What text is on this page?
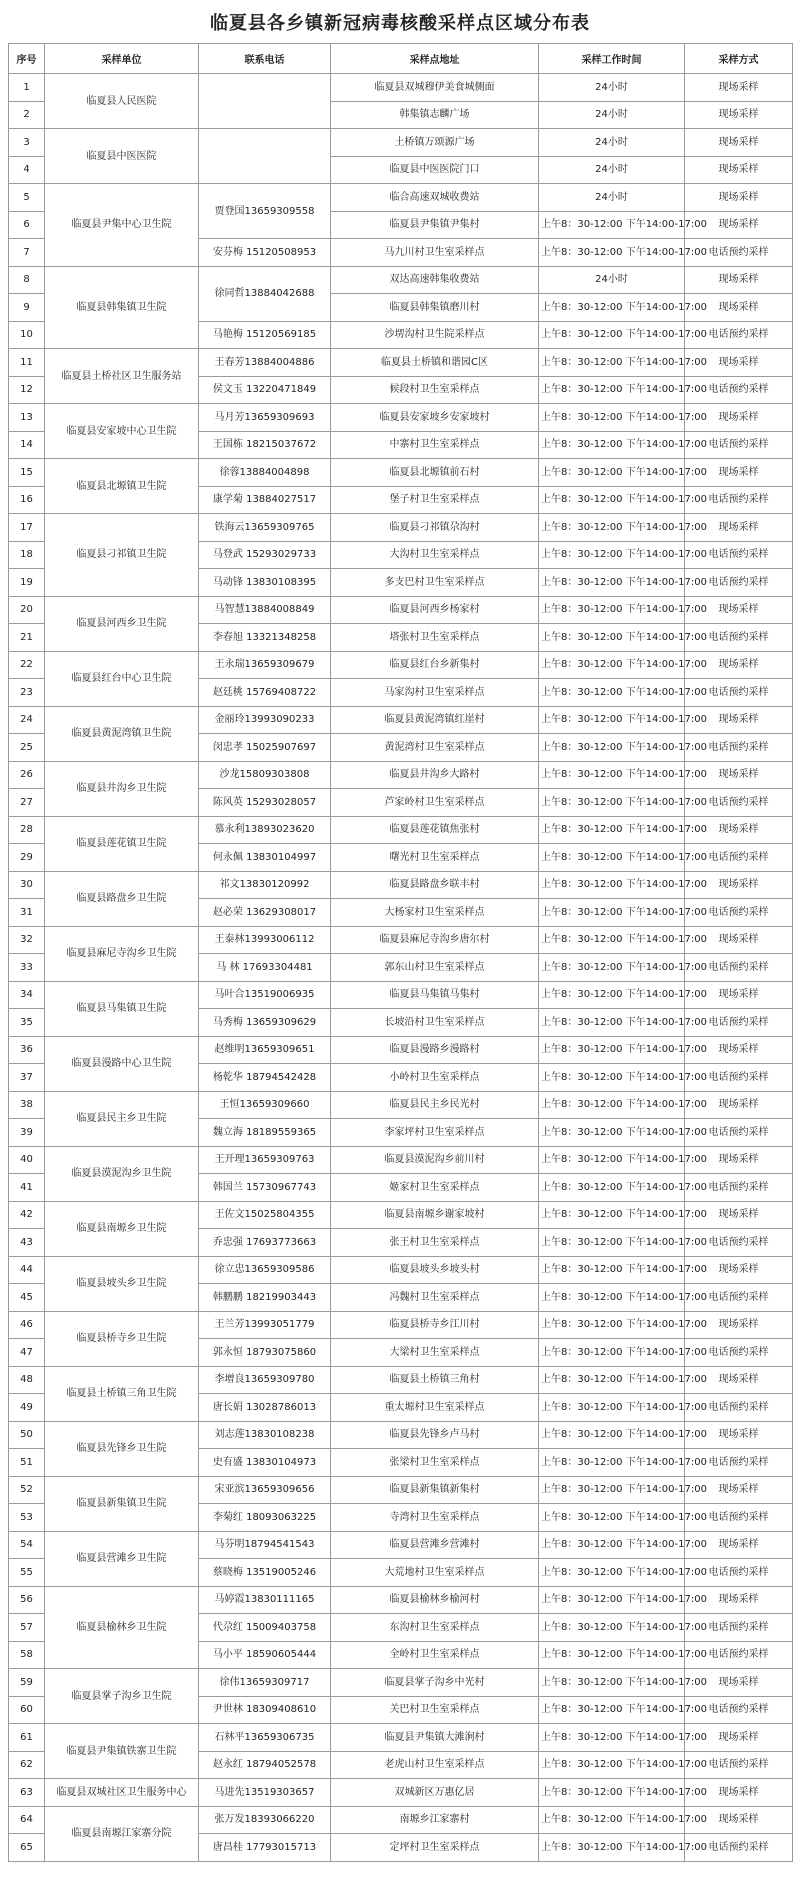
临夏县各乡镇新冠病毒核酸采样点区域分布表
序号	采样单位	联系电话	采样点地址	采样工作时间	采样方式
1	临夏县人民医院		临夏县双城穆伊美食城侧面	24小时	现场采样
2			韩集镇志麟广场	24小时	现场采样
3	临夏县中医医院		土桥镇万颂源广场	24小时	现场采样
4			临夏县中医医院门口	24小时	现场采样
5	临夏县尹集中心卫生院	贾登国13659309558	临合高速双城收费站	24小时	现场采样
6			临夏县尹集镇尹集村	上午8：30-12:00 下午14:00-17:00	现场采样
7		安芬梅 15120508953	马九川村卫生室采样点	上午8：30-12:00 下午14:00-17:00	电话预约采样
8	临夏县韩集镇卫生院	徐同哲13884042688	双达高速韩集收费站	24小时	现场采样
9			临夏县韩集镇磨川村	上午8：30-12:00 下午14:00-17:00	现场采样
10		马艳梅 15120569185	沙塄沟村卫生院采样点	上午8：30-12:00 下午14:00-17:00	电话预约采样
11	临夏县土桥社区卫生服务站	王春芳13884004886	临夏县土桥镇和谐园C区	上午8：30-12:00 下午14:00-17:00	现场采样
12		侯文玉 13220471849	候段村卫生室采样点	上午8：30-12:00 下午14:00-17:00	电话预约采样
13	临夏县安家坡中心卫生院	马月芳13659309693	临夏县安家坡乡安家坡村	上午8：30-12:00 下午14:00-17:00	现场采样
14		王国栋 18215037672	中寨村卫生室采样点	上午8：30-12:00 下午14:00-17:00	电话预约采样
15	临夏县北塬镇卫生院	徐蓉13884004898	临夏县北塬镇前石村	上午8：30-12:00 下午14:00-17:00	现场采样
16		康学菊 13884027517	堡子村卫生室采样点	上午8：30-12:00 下午14:00-17:00	电话预约采样
17	临夏县刁祁镇卫生院	铁海云13659309765	临夏县刁祁镇尕沟村	上午8：30-12:00 下午14:00-17:00	现场采样
18		马登武 15293029733	大沟村卫生室采样点	上午8：30-12:00 下午14:00-17:00	电话预约采样
19		马动锋 13830108395	多支巴村卫生室采样点	上午8：30-12:00 下午14:00-17:00	电话预约采样
20	临夏县河西乡卫生院	马智慧13884008849	临夏县河西乡杨家村	上午8：30-12:00 下午14:00-17:00	现场采样
21		李春旭 13321348258	塔张村卫生室采样点	上午8：30-12:00 下午14:00-17:00	电话预约采样
22	临夏县红台中心卫生院	王永瑞13659309679	临夏县红台乡新集村	上午8：30-12:00 下午14:00-17:00	现场采样
23		赵廷桃 15769408722	马家沟村卫生室采样点	上午8：30-12:00 下午14:00-17:00	电话预约采样
24	临夏县黄泥湾镇卫生院	金丽玲13993090233	临夏县黄泥湾镇红崖村	上午8：30-12:00 下午14:00-17:00	现场采样
25		闵忠孝 15025907697	黄泥湾村卫生室采样点	上午8：30-12:00 下午14:00-17:00	电话预约采样
26	临夏县井沟乡卫生院	沙龙15809303808	临夏县井沟乡大路村	上午8：30-12:00 下午14:00-17:00	现场采样
27		陈风英 15293028057	芦家岭村卫生室采样点	上午8：30-12:00 下午14:00-17:00	电话预约采样
28	临夏县莲花镇卫生院	慕永利13893023620	临夏县莲花镇焦张村	上午8：30-12:00 下午14:00-17:00	现场采样
29		何永佩 13830104997	曙光村卫生室采样点	上午8：30-12:00 下午14:00-17:00	电话预约采样
30	临夏县路盘乡卫生院	祁文13830120992	临夏县路盘乡联丰村	上午8：30-12:00 下午14:00-17:00	现场采样
31		赵必荣 13629308017	大杨家村卫生室采样点	上午8：30-12:00 下午14:00-17:00	电话预约采样
32	临夏县麻尼寺沟乡卫生院	王泰林13993006112	临夏县麻尼寺沟乡唐尔村	上午8：30-12:00 下午14:00-17:00	现场采样
33		马 林 17693304481	郭东山村卫生室采样点	上午8：30-12:00 下午14:00-17:00	电话预约采样
34	临夏县马集镇卫生院	马叶合13519006935	临夏县马集镇马集村	上午8：30-12:00 下午14:00-17:00	现场采样
35		马秀梅 13659309629	长坡沿村卫生室采样点	上午8：30-12:00 下午14:00-17:00	电话预约采样
36	临夏县漫路中心卫生院	赵维明13659309651	临夏县漫路乡漫路村	上午8：30-12:00 下午14:00-17:00	现场采样
37		杨乾华 18794542428	小岭村卫生室采样点	上午8：30-12:00 下午14:00-17:00	电话预约采样
38	临夏县民主乡卫生院	王恒13659309660	临夏县民主乡民光村	上午8：30-12:00 下午14:00-17:00	现场采样
39		魏立海 18189559365	李家坪村卫生室采样点	上午8：30-12:00 下午14:00-17:00	电话预约采样
40	临夏县漠泥沟乡卫生院	王开理13659309763	临夏县漠泥沟乡前川村	上午8：30-12:00 下午14:00-17:00	现场采样
41		韩国兰 15730967743	姬家村卫生室采样点	上午8：30-12:00 下午14:00-17:00	电话预约采样
42	临夏县南塬乡卫生院	王佐文15025804355	临夏县南塬乡谢家坡村	上午8：30-12:00 下午14:00-17:00	现场采样
43		乔忠强 17693773663	张王村卫生室采样点	上午8：30-12:00 下午14:00-17:00	电话预约采样
44	临夏县坡头乡卫生院	徐立忠13659309586	临夏县坡头乡坡头村	上午8：30-12:00 下午14:00-17:00	现场采样
45		韩鹏鹏 18219903443	冯魏村卫生室采样点	上午8：30-12:00 下午14:00-17:00	电话预约采样
46	临夏县桥寺乡卫生院	王兰芳13993051779	临夏县桥寺乡江川村	上午8：30-12:00 下午14:00-17:00	现场采样
47		郭永恒 18793075860	大梁村卫生室采样点	上午8：30-12:00 下午14:00-17:00	电话预约采样
48	临夏县土桥镇三角卫生院	李增良13659309780	临夏县土桥镇三角村	上午8：30-12:00 下午14:00-17:00	现场采样
49		唐长娟 13028786013	重太塬村卫生室采样点	上午8：30-12:00 下午14:00-17:00	电话预约采样
50	临夏县先锋乡卫生院	刘志莲13830108238	临夏县先锋乡卢马村	上午8：30-12:00 下午14:00-17:00	现场采样
51		史有盛 13830104973	张梁村卫生室采样点	上午8：30-12:00 下午14:00-17:00	电话预约采样
52	临夏县新集镇卫生院	宋亚滨13659309656	临夏县新集镇新集村	上午8：30-12:00 下午14:00-17:00	现场采样
53		李菊红 18093063225	寺湾村卫生室采样点	上午8：30-12:00 下午14:00-17:00	电话预约采样
54	临夏县营滩乡卫生院	马芬明18794541543	临夏县营滩乡营滩村	上午8：30-12:00 下午14:00-17:00	现场采样
55		蔡晓梅 13519005246	大荒地村卫生室采样点	上午8：30-12:00 下午14:00-17:00	电话预约采样
56	临夏县榆林乡卫生院	马婷霞13830111165	临夏县榆林乡榆河村	上午8：30-12:00 下午14:00-17:00	现场采样
57		代尕红 15009403758	东沟村卫生室采样点	上午8：30-12:00 下午14:00-17:00	电话预约采样
58		马小平 18590605444	全岭村卫生室采样点	上午8：30-12:00 下午14:00-17:00	电话预约采样
59	临夏县掌子沟乡卫生院	徐伟13659309717	临夏县掌子沟乡中光村	上午8：30-12:00 下午14:00-17:00	现场采样
60		尹世林 18309408610	关巴村卫生室采样点	上午8：30-12:00 下午14:00-17:00	电话预约采样
61	临夏县尹集镇铁寨卫生院	石林平13659306735	临夏县尹集镇大滩涧村	上午8：30-12:00 下午14:00-17:00	现场采样
62		赵永红 18794052578	老虎山村卫生室采样点	上午8：30-12:00 下午14:00-17:00	电话预约采样
63	临夏县双城社区卫生服务中心	马进先13519303657	双城新区万惠亿居	上午8：30-12:00 下午14:00-17:00	现场采样
64	临夏县南塬江家寨分院	张万发18393066220	南塬乡江家寨村	上午8：30-12:00 下午14:00-17:00	现场采样
65		唐昌桂 17793015713	定坪村卫生室采样点	上午8：30-12:00 下午14:00-17:00	电话预约采样
